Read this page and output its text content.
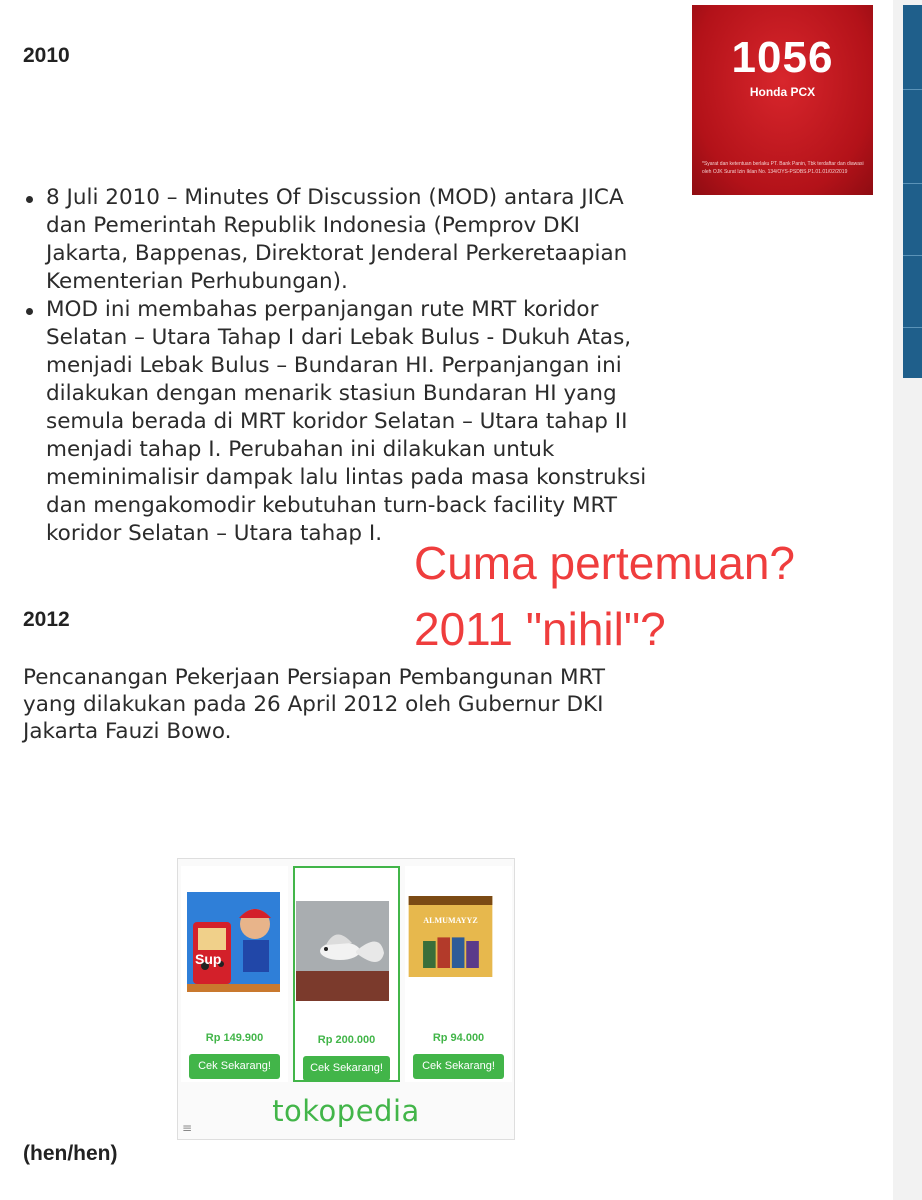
1056
Honda PCX
*Syarat dan ketentuan berlaku PT. Bank Panin, Tbk terdaftar dan diawasi oleh OJK Surat Izin Iklan No. 134/OYS-PSDBS.P1.01.01/02/2019
2010
8 Juli 2010 – Minutes Of Discussion (MOD) antara JICA dan Pemerintah Republik Indonesia (Pemprov DKI Jakarta, Bappenas, Direktorat Jenderal Perkeretaapian Kementerian Perhubungan).
MOD ini membahas perpanjangan rute MRT koridor Selatan – Utara Tahap I dari Lebak Bulus - Dukuh Atas, menjadi Lebak Bulus – Bundaran HI. Perpanjangan ini dilakukan dengan menarik stasiun Bundaran HI yang semula berada di MRT koridor Selatan – Utara tahap II menjadi tahap I. Perubahan ini dilakukan untuk meminimalisir dampak lalu lintas pada masa konstruksi dan mengakomodir kebutuhan turn-back facility MRT koridor Selatan – Utara tahap I.
Cuma pertemuan?
2011 "nihil"?
2012
Pencanangan Pekerjaan Persiapan Pembangunan MRT yang dilakukan pada 26 April 2012 oleh Gubernur DKI Jakarta Fauzi Bowo.
Sup
Rp 149.900
Cek Sekarang!
Rp 200.000
Cek Sekarang!
ALMUMAYYZ
Rp 94.000
Cek Sekarang!
tokopedia
≡
(hen/hen)
